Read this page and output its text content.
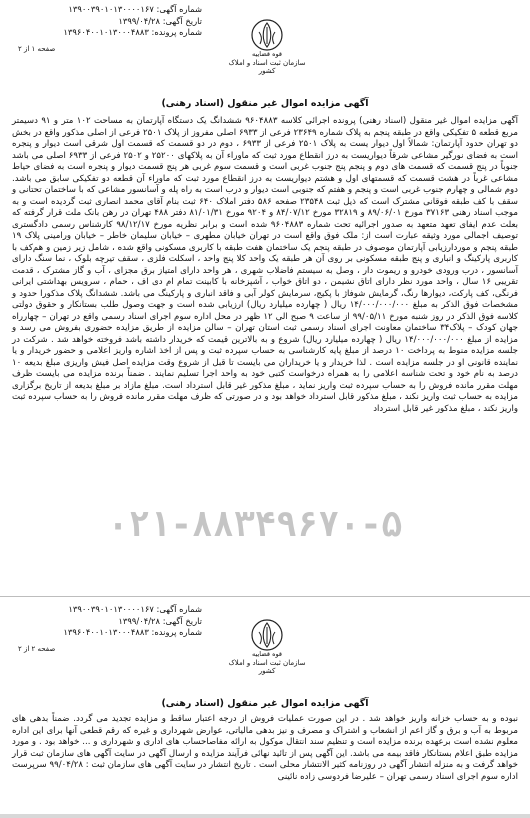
شماره آگهی: ۱۳۹۰۰۳۹۰۱۰۱۳۰۰۰۰۱۶۷
تاریخ آگهی: ۱۳۹۹/۰۴/۲۸
شماره پرونده: ۱۳۹۶۰۴۰۰۱۰۱۳۰۰۰۴۸۸۳
قوه قضاییه
سازمان ثبت اسناد و املاک کشور
صفحه ۱ از ۲
آگهی مزایده اموال غیر منقول (اسناد رهنی)
آگهی مزایده اموال غیر منقول (اسناد رهنی) پرونده اجرائی کلاسه ۹۶۰۴۸۸۳ ششدانگ یک دستگاه آپارتمان به مساحت ۱۰۲ متر و ۹۱ دسیمتر مربع قطعه ۵ تفکیکی واقع در طبقه پنجم به پلاک شماره ۲۳۶۴۹ فرعی از ۶۹۳۳ اصلی مفروز از پلاک ۲۵۰۱ فرعی از اصلی مذکور واقع در بخش دو تهران حدود آپارتمان: شمالاً اول دیوار یست به پلاک ۲۵۰۱ فرعی از ۶۹۳۳ ، دوم در دو قسمت که قسمت اول شرقی است دیوار و پنجره است به فضای نورگیر مشاعی شرقاً دیواریست به درز انقطاع مورد ثبت که ماوراء آن به پلاکهای ۲۵۲۰۰ و ۲۵۰۲ فرعی از ۶۹۳۳ اصلی می باشد جنوباً در پنج قسمت که قسمت های دوم و پنجم پنج جنوب غربی است و قسمت سوم غربی هر پنج قسمت دیوار و پنجره است به فضای حیاط مشاعی غرباً در هشت قسمت که قسمتهای اول و هشتم دیواریست به درز انقطاع مورد ثبت که ماوراء آن قطعه دو تفکیکی سابق می باشد. دوم شمالی و چهارم جنوب غربی است و پنجم و هفتم که جنوبی است دیوار و درب است به راه پله و آسانسور مشاعی که با ساختمان تحتانی و سقف با کف طبقه فوقانی مشترک است که ذیل ثبت ۲۳۵۴۸ صفحه ۵۸۶ دفتر املاک ۶۴۰ ثبت بنام آقای محمد انصاری ثبت گردیده است و به موجب اسناد رهنی ۳۷۱۶۳ مورخ ۸۹/۰۶/۰۱ و ۳۲۸۱۹ مورخ ۸۴/۰۷/۱۲ و ۹۲۰۴ مورخ ۸۱/۰۱/۳۱ دفتر ۴۸۸ تهران در رهن بانک ملت قرار گرفته که بعلت عدم ایفای تعهد متعهد به صدور اجرائیه تحت شماره ۹۶۰۴۸۸۳ شده است و برابر نظریه مورخ ۹۸/۱۲/۱۷ کارشناس رسمی دادگستری توصیف اجمالی مورد وثیقه عبارت است از: ملک فوق واقع است در تهران خیابان مطهری – خیابان سلیمان خاطر – خیابان ورامینی پلاک ۱۹ طبقه پنجم و موردارزیابی آپارتمان موصوف در طبقه پنجم یک ساختمان هفت طبقه با کاربری مسکونی واقع شده ، شامل زیر زمین و هم‌کف با کاربری پارکینگ و انباری و پنج طبقه مسکونی بر روی آن هر طبقه یک واحد کلا پنج واحد ، اسکلت فلزی ، سقف تیرچه بلوک ، نما سنگ دارای آسانسور ، درب ورودی خودرو و ریموت دار ، وصل به سیستم فاضلاب شهری ، هر واحد دارای امتیاز برق مجزای ، آب و گاز مشترک ، قدمت تقریبی ۱۶ سال ، واحد مورد نظر دارای اتاق نشیمن ، دو اتاق خواب ، آشپزخانه با کابینت تمام ام دی اف ، حمام ، سرویس بهداشتی ایرانی فرنگی، کف پارکت، دیوارها رنگ، گرمایش شوفاژ با پکیج، سرمایش کولر آبی و فاقد انباری و پارکینگ می باشد. ششدانگ پلاک مذکورا حدود و مشخصات فوق الذکر به مبلغ ۱۴/۰۰۰/۰۰۰/۰۰۰ ریال ( چهارده میلیارد ریال) ارزیابی شده است و جهت وصول طلب بستانکار و حقوق دولتی کلاسه فوق الذکر در روز شنبه مورخ ۹۹/۰۵/۱۱ از ساعت ۹ صبح الی ۱۲ ظهر در محل اداره سوم اجرای اسناد رسمی واقع در تهران – چهارراه جهان کودک – پلاک۳۴ ساختمان معاونت اجرای اسناد رسمی ثبت استان تهران – سالن مزایده از طریق مزایده حضوری بفروش می رسد و مزایده از مبلغ ۱۴/۰۰۰/۰۰۰/۰۰۰ ریال ( چهارده میلیارد ریال) شروع و به بالاترین قیمت که خریدار داشته باشد فروخته خواهد شد . شرکت در جلسه مزایده منوط به پرداخت ۱۰ درصد از مبلغ پایه کارشناسی به حساب سپرده ثبت و پس از اخذ اشاره واریز اعلامی و حضور خریدار و یا نماینده قانونی او در جلسه مزایده است . لذا خریدار و یا خریداران می بایست تا قبل از شروع وقت مزایده اصل فیش واریزی مبلغ بدیعه ۱۰ درصد به نام خود و تحت شناسه اعلامی را به همراه درخواست کتبی خود به واحد اجرا تسلیم نمایند . ضمناً برنده مزایده می بایست ظرف مهلت مقرر مانده فروش را به حساب سپرده ثبت واریز نماید ، مبلغ مذکور غیر قابل استرداد است. مبلغ مازاد بر مبلغ بدیعه از تاریخ برگزاری مزایده به حساب ثبت واریز نکند ، مبلغ مذکور قابل استرداد خواهد بود و در صورتی که ظرف مهلت مقرر مانده فروش را به حساب سپرده ثبت واریز نکند ، مبلغ مذکور غیر قابل استرداد
۰۲۱-۸۸۳۴۹۶۷۰-۵
شماره آگهی: ۱۳۹۰۰۳۹۰۱۰۱۳۰۰۰۰۱۶۷
تاریخ آگهی: ۱۳۹۹/۰۴/۲۸
شماره پرونده: ۱۳۹۶۰۴۰۰۱۰۱۳۰۰۰۴۸۸۳
قوه قضاییه
سازمان ثبت اسناد و املاک کشور
صفحه ۲ از ۲
آگهی مزایده اموال غیر منقول (اسناد رهنی)
نبوده و به حساب خزانه واریز خواهد شد . در این صورت عملیات فروش از درجه اعتبار ساقط و مزایده تجدید می گردد. ضمناً بدهی های مربوط به آب و برق و گاز اعم از انشعاب و اشتراک و مصرف و نیز بدهی مالیاتی، عوارض شهرداری و غیره که رقم قطعی آنها برای این اداره معلوم نشده است برعهده برنده مزایده است و تنظیم سند انتقال موکول به ارائه مفاصاحساب های اداری و شهرداری و ... خواهد بود . و مورد مزایده طبق اعلام بستانکار فاقد بیمه می باشد. این آگهی پس از تائید نهائی فرآیند مزایده و ارسال آگهی در سایت آگهی های سازمان ثبت قرار خواهد گرفت و به منزله انتشار آگهی در روزنامه کثیر الانتشار محلی است . تاریخ انتشار در سایت آگهی های سازمان ثبت : ۹۹/۰۴/۲۸ سرپرست اداره سوم اجرای اسناد رسمی تهران – علیرضا فردوسی زاده نائینی
